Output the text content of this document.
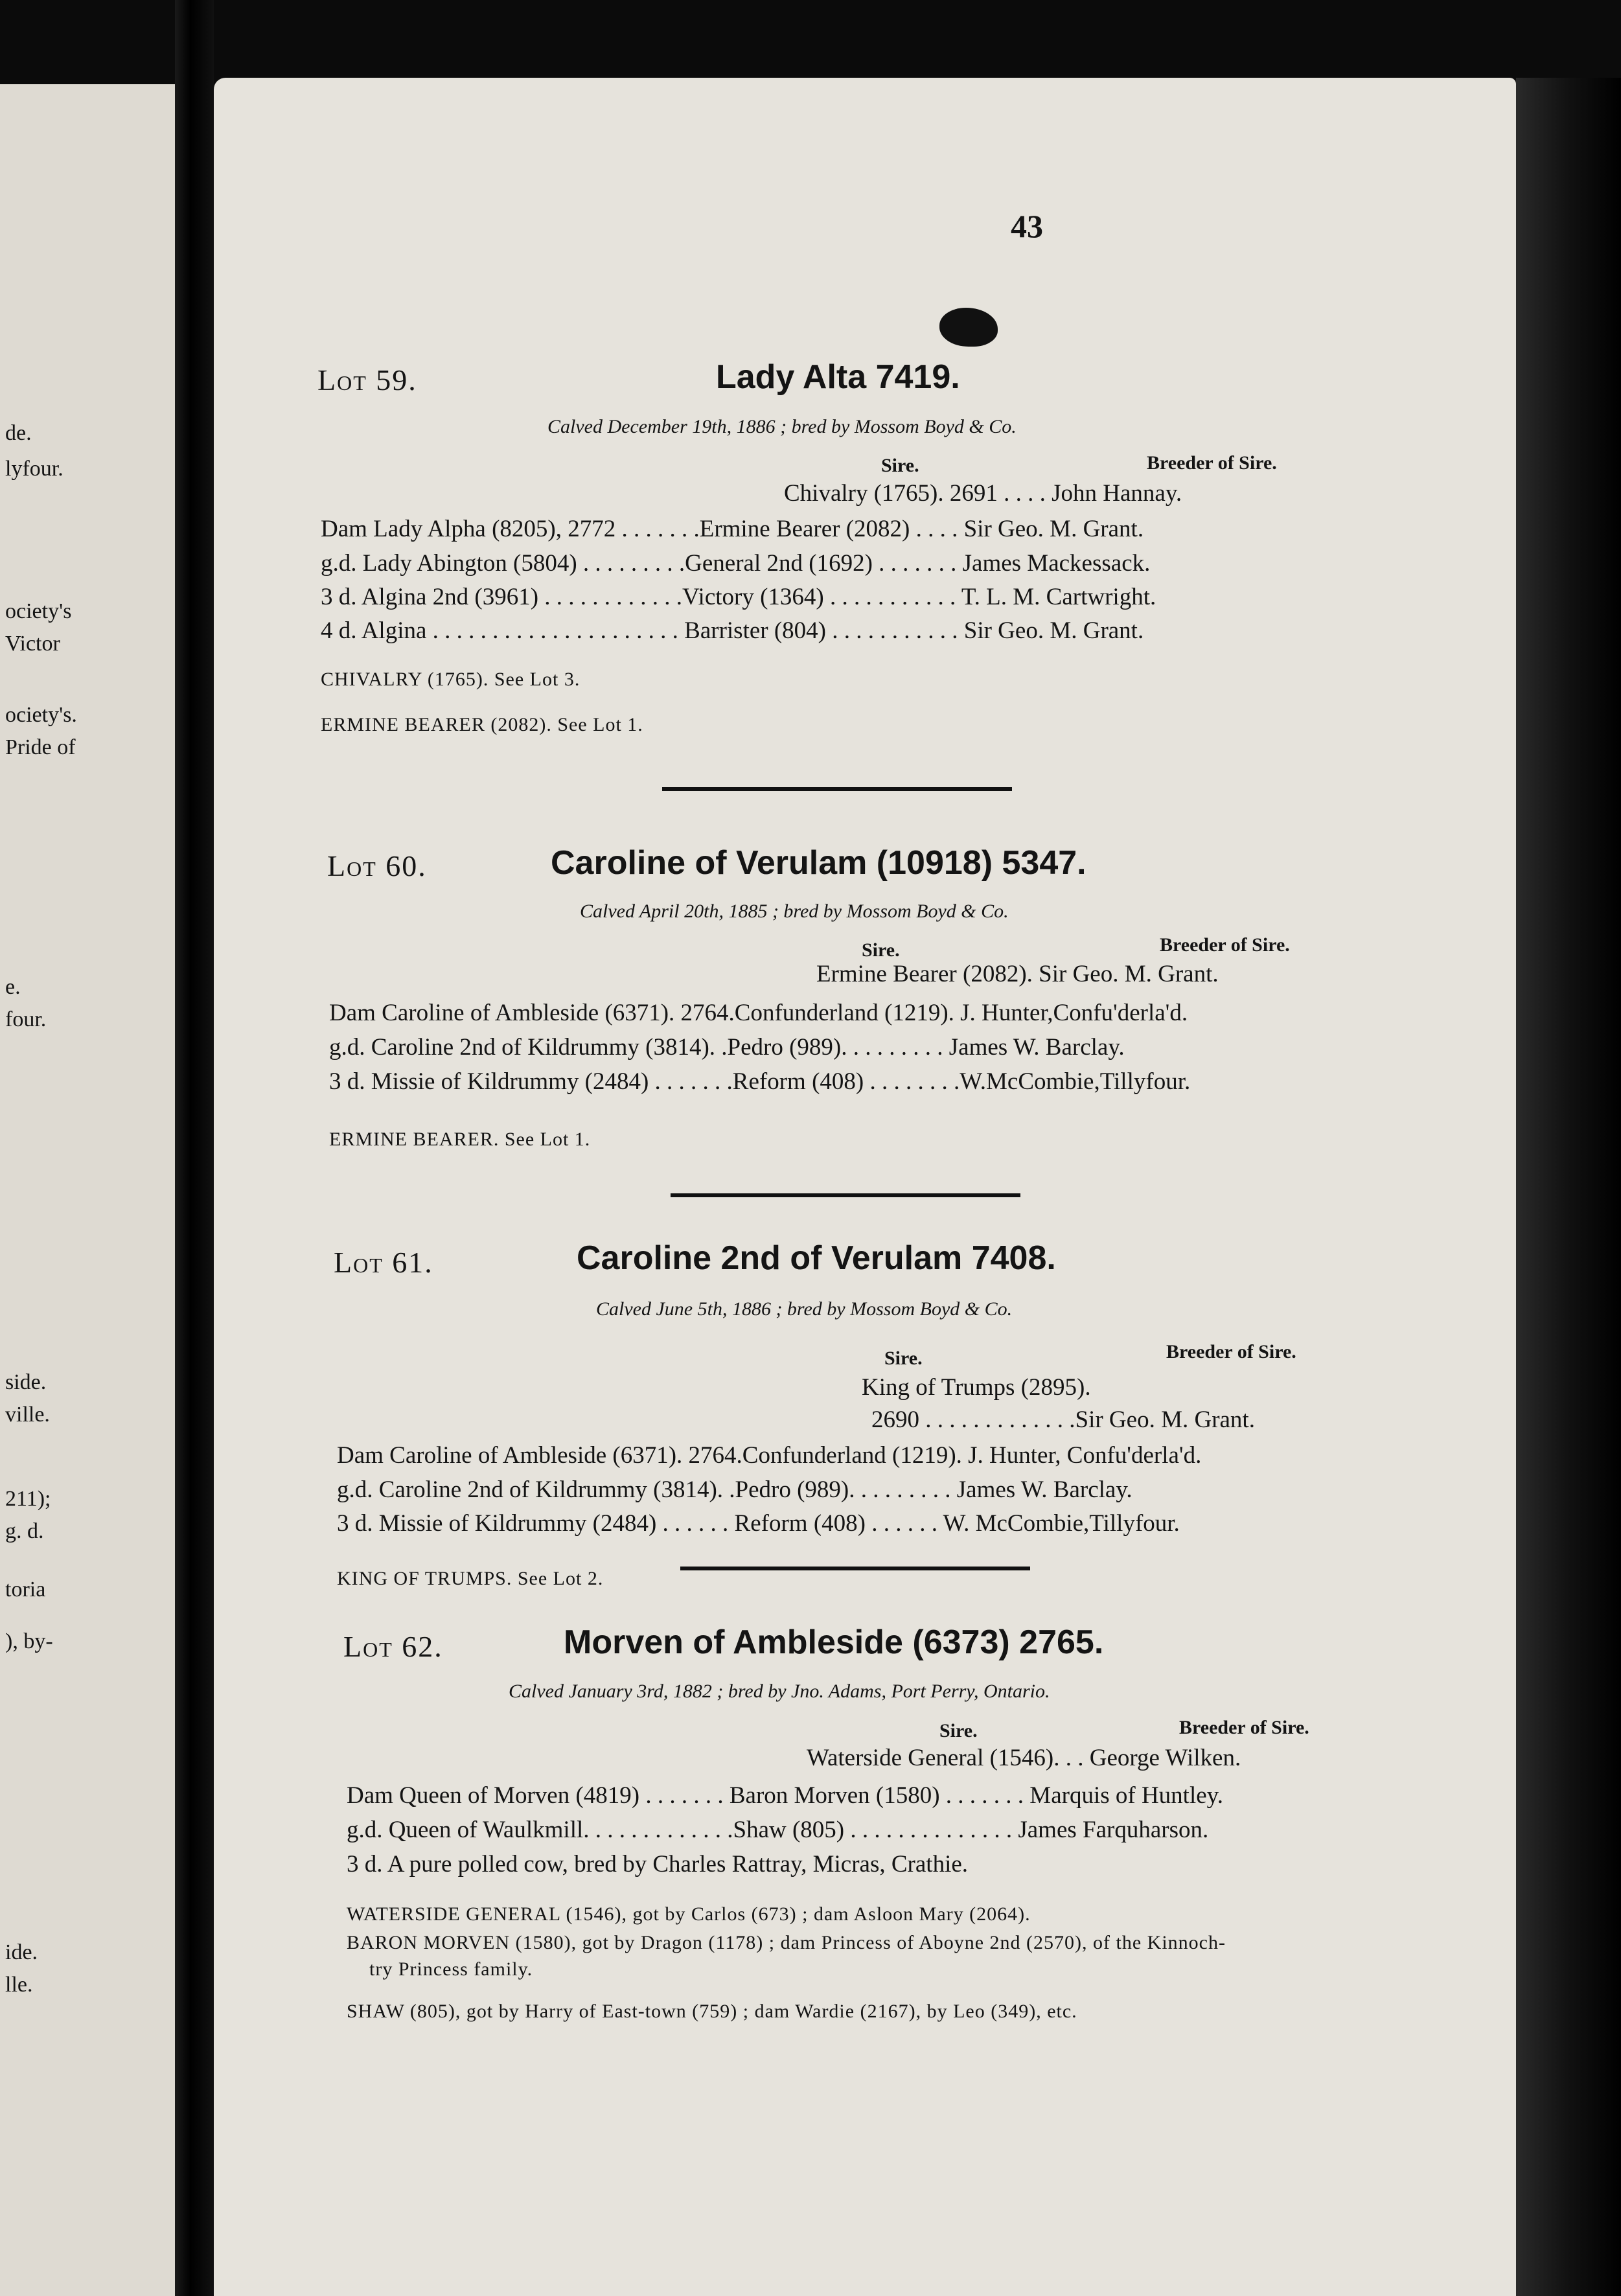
de.
lyfour.
ociety's
Victor
ociety's.
Pride of
e.
four.
side.
ville.
211);
g. d.
toria
), by-
ide.
lle.
43
Lot 59.	Lady Alta 7419.
Calved December 19th, 1886 ; bred by Mossom Boyd & Co.
Sire.	Breeder of Sire.
Chivalry (1765). 2691 . . . . John Hannay.
Dam Lady Alpha (8205), 2772 . . . . . . .Ermine Bearer (2082) . . . . Sir Geo. M. Grant.
g.d. Lady Abington (5804) . . . . . . . . .General 2nd (1692) . . . . . . . James Mackessack.
3 d. Algina 2nd (3961) . . . . . . . . . . . .Victory (1364) . . . . . . . . . . . T. L. M. Cartwright.
4 d. Algina . . . . . . . . . . . . . . . . . . . . . Barrister (804) . . . . . . . . . . . Sir Geo. M. Grant.
CHIVALRY (1765). See Lot 3.
ERMINE BEARER (2082). See Lot 1.
Lot 60.	Caroline of Verulam (10918) 5347.
Calved April 20th, 1885 ; bred by Mossom Boyd & Co.
Sire.	Breeder of Sire.
Ermine Bearer (2082). Sir Geo. M. Grant.
Dam Caroline of Ambleside (6371). 2764.Confunderland (1219). J. Hunter,Confu'derla'd.
g.d. Caroline 2nd of Kildrummy (3814). .Pedro (989). . . . . . . . . James W. Barclay.
3 d. Missie of Kildrummy (2484) . . . . . . .Reform (408) . . . . . . . .W.McCombie,Tillyfour.
ERMINE BEARER. See Lot 1.
Lot 61.	Caroline 2nd of Verulam 7408.
Calved June 5th, 1886 ; bred by Mossom Boyd & Co.
Sire.	Breeder of Sire.
King of Trumps (2895).
2690 . . . . . . . . . . . . .Sir Geo. M. Grant.
Dam Caroline of Ambleside (6371). 2764.Confunderland (1219). J. Hunter, Confu'derla'd.
g.d. Caroline 2nd of Kildrummy (3814). .Pedro (989). . . . . . . . . James W. Barclay.
3 d. Missie of Kildrummy (2484) . . . . . . Reform (408) . . . . . . W. McCombie,Tillyfour.
KING OF TRUMPS. See Lot 2.
Lot 62.	Morven of Ambleside (6373) 2765.
Calved January 3rd, 1882 ; bred by Jno. Adams, Port Perry, Ontario.
Sire.	Breeder of Sire.
Waterside General (1546). . . George Wilken.
Dam Queen of Morven (4819) . . . . . . . Baron Morven (1580) . . . . . . . Marquis of Huntley.
g.d. Queen of Waulkmill. . . . . . . . . . . . .Shaw (805) . . . . . . . . . . . . . . James Farquharson.
3 d. A pure polled cow, bred by Charles Rattray, Micras, Crathie.
WATERSIDE GENERAL (1546), got by Carlos (673) ; dam Asloon Mary (2064).
BARON MORVEN (1580), got by Dragon (1178) ; dam Princess of Aboyne 2nd (2570), of the Kinnoch-
try Princess family.
SHAW (805), got by Harry of East-town (759) ; dam Wardie (2167), by Leo (349), etc.
